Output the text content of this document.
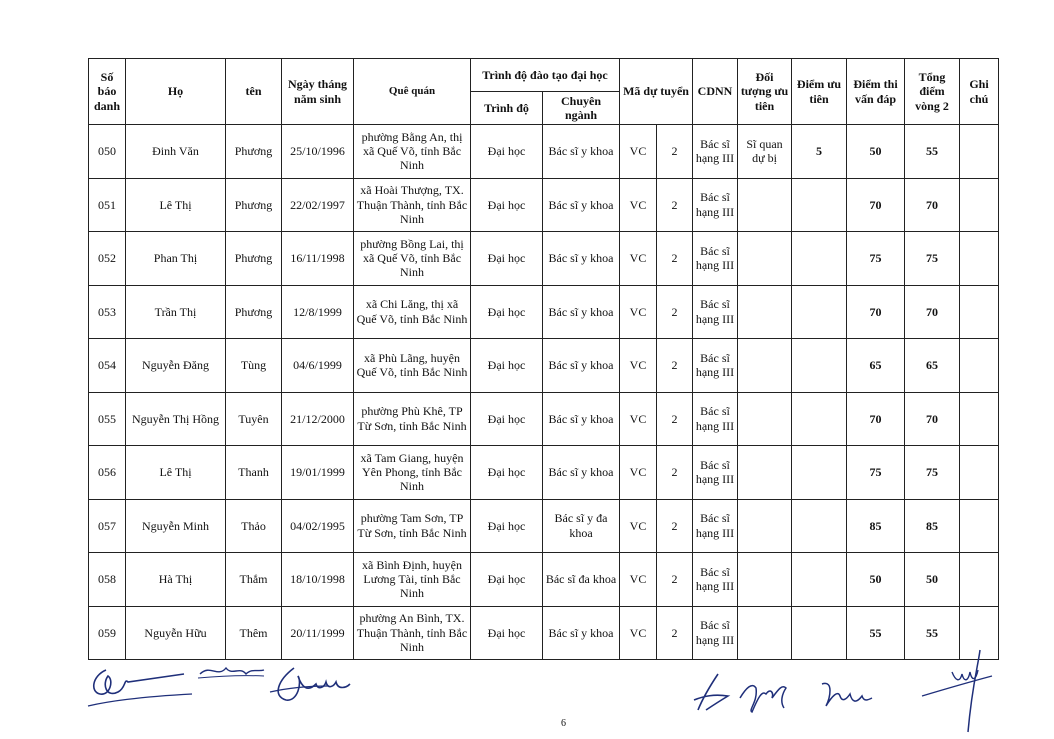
Số báo danh	Họ	tên	Ngày tháng năm sinh	Quê quán	Trình độ đào tạo đại học		Mã dự tuyển		CDNN	Đối tượng ưu tiên	Điểm ưu tiên	Điểm thi vấn đáp	Tổng điểm vòng 2	Ghi chú
					Trình độ	Chuyên ngành								
050	Đinh Văn	Phương	25/10/1996	phường Bằng An, thị xã Quế Võ, tỉnh Bắc Ninh	Đại học	Bác sĩ y khoa	VC	2	Bác sĩ hạng III	Sĩ quan dự bị	5	50	55	
051	Lê Thị	Phương	22/02/1997	xã Hoài Thượng, TX. Thuận Thành, tỉnh Bắc Ninh	Đại học	Bác sĩ y khoa	VC	2	Bác sĩ hạng III			70	70	
052	Phan Thị	Phương	16/11/1998	phường Bồng Lai, thị xã Quế Võ, tỉnh Bắc Ninh	Đại học	Bác sĩ y khoa	VC	2	Bác sĩ hạng III			75	75	
053	Trần Thị	Phương	12/8/1999	xã Chi Lăng, thị xã Quế Võ, tỉnh Bắc Ninh	Đại học	Bác sĩ y khoa	VC	2	Bác sĩ hạng III			70	70	
054	Nguyễn Đăng	Tùng	04/6/1999	xã Phù Lãng, huyện Quế Võ, tỉnh Bắc Ninh	Đại học	Bác sĩ y khoa	VC	2	Bác sĩ hạng III			65	65	
055	Nguyễn Thị Hồng	Tuyên	21/12/2000	phường Phù Khê, TP Từ Sơn, tỉnh Bắc Ninh	Đại học	Bác sĩ y khoa	VC	2	Bác sĩ hạng III			70	70	
056	Lê Thị	Thanh	19/01/1999	xã Tam Giang, huyện Yên Phong, tỉnh Bắc Ninh	Đại học	Bác sĩ y khoa	VC	2	Bác sĩ hạng III			75	75	
057	Nguyễn Minh	Thảo	04/02/1995	phường Tam Sơn, TP Từ Sơn, tỉnh Bắc Ninh	Đại học	Bác sĩ y đa khoa	VC	2	Bác sĩ hạng III			85	85	
058	Hà Thị	Thắm	18/10/1998	xã Bình Định, huyện Lương Tài, tỉnh Bắc Ninh	Đại học	Bác sĩ đa khoa	VC	2	Bác sĩ hạng III			50	50	
059	Nguyễn Hữu	Thêm	20/11/1999	phường An Bình, TX. Thuận Thành, tỉnh Bắc Ninh	Đại học	Bác sĩ y khoa	VC	2	Bác sĩ hạng III			55	55	
6
